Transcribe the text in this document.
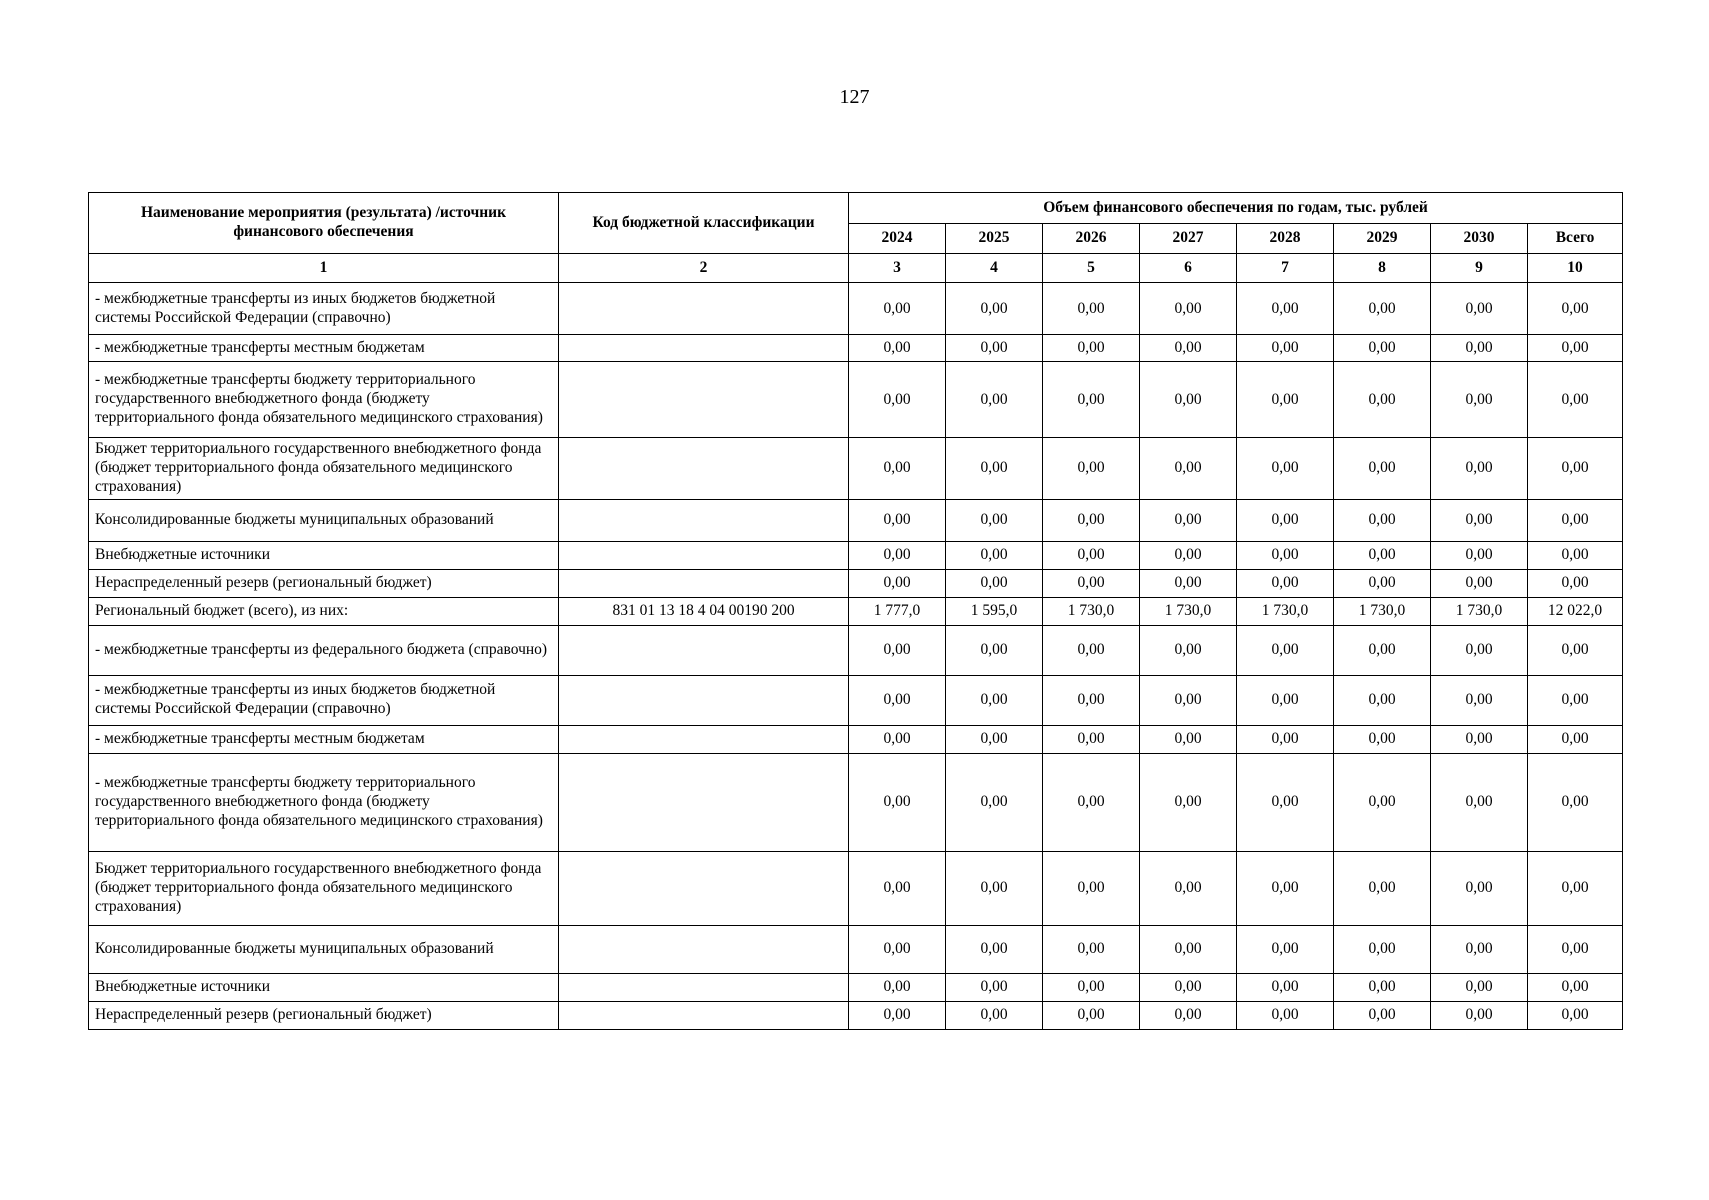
127
Наименование мероприятия (результата) /источник финансового обеспечения	Код бюджетной классификации	Объем финансового обеспечения по годам, тыс. рублей							
		2024	2025	2026	2027	2028	2029	2030	Всего
1	2	3	4	5	6	7	8	9	10
- межбюджетные трансферты из иных бюджетов бюджетной системы Российской Федерации (справочно)		0,00	0,00	0,00	0,00	0,00	0,00	0,00	0,00
- межбюджетные трансферты местным бюджетам		0,00	0,00	0,00	0,00	0,00	0,00	0,00	0,00
- межбюджетные трансферты бюджету территориального государственного внебюджетного фонда (бюджету территориального фонда обязательного медицинского страхования)		0,00	0,00	0,00	0,00	0,00	0,00	0,00	0,00
Бюджет территориального государственного внебюджетного фонда (бюджет территориального фонда обязательного медицинского страхования)		0,00	0,00	0,00	0,00	0,00	0,00	0,00	0,00
Консолидированные бюджеты муниципальных образований		0,00	0,00	0,00	0,00	0,00	0,00	0,00	0,00
Внебюджетные источники		0,00	0,00	0,00	0,00	0,00	0,00	0,00	0,00
Нераспределенный резерв (региональный бюджет)		0,00	0,00	0,00	0,00	0,00	0,00	0,00	0,00
Региональный бюджет (всего), из них:	831 01 13 18 4 04 00190 200	1 777,0	1 595,0	1 730,0	1 730,0	1 730,0	1 730,0	1 730,0	12 022,0
- межбюджетные трансферты из федерального бюджета (справочно)		0,00	0,00	0,00	0,00	0,00	0,00	0,00	0,00
- межбюджетные трансферты из иных бюджетов бюджетной системы Российской Федерации (справочно)		0,00	0,00	0,00	0,00	0,00	0,00	0,00	0,00
- межбюджетные трансферты местным бюджетам		0,00	0,00	0,00	0,00	0,00	0,00	0,00	0,00
- межбюджетные трансферты бюджету территориального государственного внебюджетного фонда (бюджету территориального фонда обязательного медицинского страхования)		0,00	0,00	0,00	0,00	0,00	0,00	0,00	0,00
Бюджет территориального государственного внебюджетного фонда (бюджет территориального фонда обязательного медицинского страхования)		0,00	0,00	0,00	0,00	0,00	0,00	0,00	0,00
Консолидированные бюджеты муниципальных образований		0,00	0,00	0,00	0,00	0,00	0,00	0,00	0,00
Внебюджетные источники		0,00	0,00	0,00	0,00	0,00	0,00	0,00	0,00
Нераспределенный резерв (региональный бюджет)		0,00	0,00	0,00	0,00	0,00	0,00	0,00	0,00
